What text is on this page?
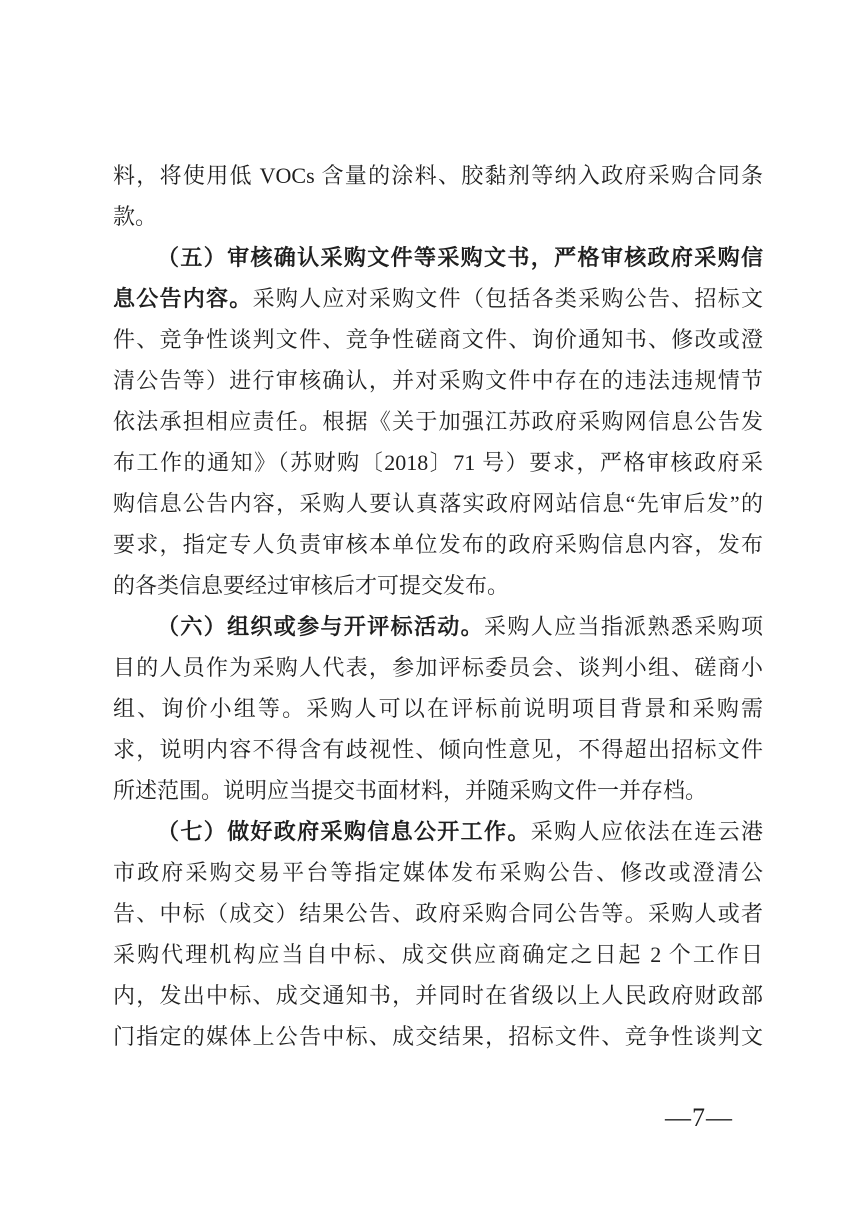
料，将使用低 VOCs 含量的涂料、胶黏剂等纳入政府采购合同条
款。
（五）审核确认采购文件等采购文书，严格审核政府采购信
息公告内容。采购人应对采购文件（包括各类采购公告、招标文
件、竞争性谈判文件、竞争性磋商文件、询价通知书、修改或澄
清公告等）进行审核确认，并对采购文件中存在的违法违规情节
依法承担相应责任。根据《关于加强江苏政府采购网信息公告发
布工作的通知》（苏财购〔2018〕71 号）要求，严格审核政府采
购信息公告内容，采购人要认真落实政府网站信息“先审后发”的
要求，指定专人负责审核本单位发布的政府采购信息内容，发布
的各类信息要经过审核后才可提交发布。
（六）组织或参与开评标活动。采购人应当指派熟悉采购项
目的人员作为采购人代表，参加评标委员会、谈判小组、磋商小
组、询价小组等。采购人可以在评标前说明项目背景和采购需
求，说明内容不得含有歧视性、倾向性意见，不得超出招标文件
所述范围。说明应当提交书面材料，并随采购文件一并存档。
（七）做好政府采购信息公开工作。采购人应依法在连云港
市政府采购交易平台等指定媒体发布采购公告、修改或澄清公
告、中标（成交）结果公告、政府采购合同公告等。采购人或者
采购代理机构应当自中标、成交供应商确定之日起 2 个工作日
内，发出中标、成交通知书，并同时在省级以上人民政府财政部
门指定的媒体上公告中标、成交结果，招标文件、竞争性谈判文
—7—
